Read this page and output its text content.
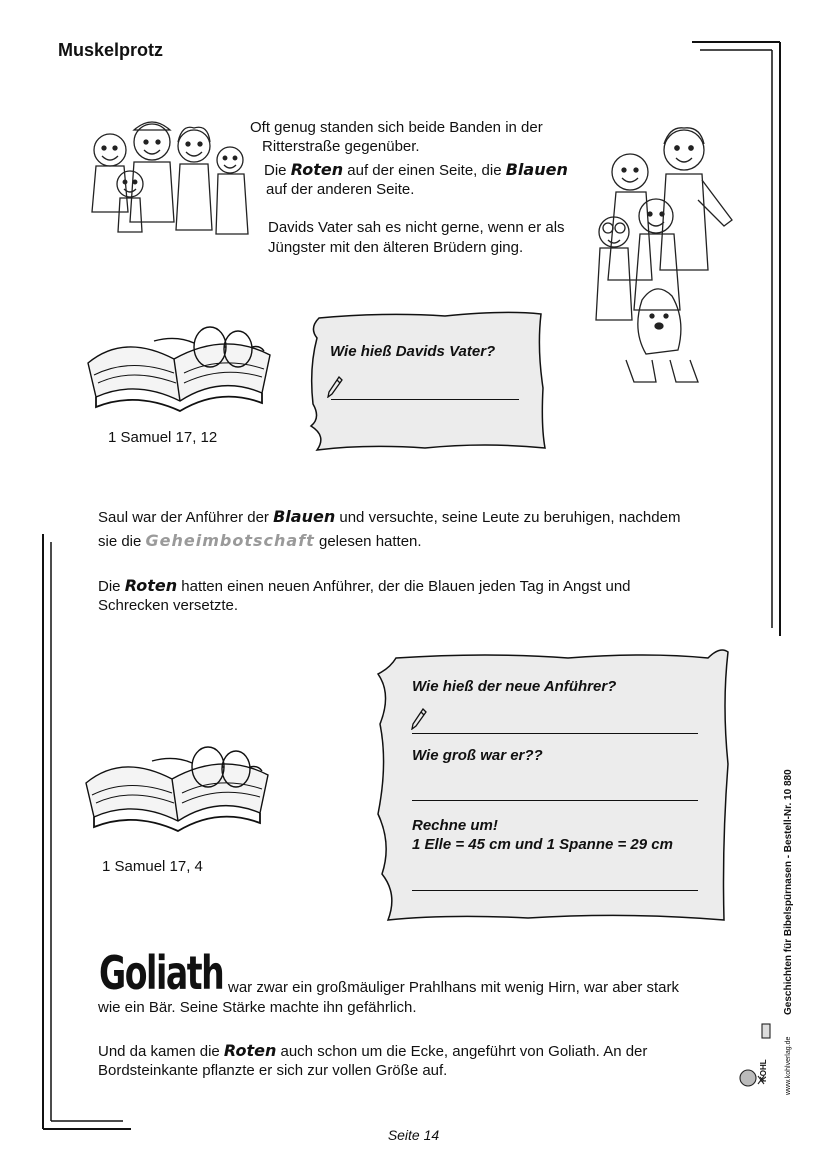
Muskelprotz
Oft genug standen sich beide Banden in der
Ritterstraße gegenüber.
Die Roten auf der einen Seite, die Blauen
auf der anderen Seite.
Davids Vater sah es nicht gerne, wenn er als
Jüngster mit den älteren Brüdern ging.
Wie hieß Davids Vater?
1 Samuel 17, 12
Saul war der Anführer der Blauen und versuchte, seine Leute zu beruhigen, nachdem
sie die Geheimbotschaft gelesen hatten.
Die Roten hatten einen neuen Anführer, der die Blauen jeden Tag in Angst und
Schrecken versetzte.
Wie hieß der neue Anführer?
Wie groß war er??
Rechne um!
1 Elle = 45 cm und 1 Spanne = 29 cm
1 Samuel 17, 4
Goliath war zwar ein großmäuliger Prahlhans mit wenig Hirn, war aber stark
wie ein Bär. Seine Stärke machte ihn gefährlich.
Und da kamen die Roten auch schon um die Ecke, angeführt von Goliath. An der
Bordsteinkante pflanzte er sich zur vollen Größe auf.
Geschichten für Bibelspürnasen - Bestell-Nr. 10 880
KOHL www.kohlverlag.de
Seite 14
